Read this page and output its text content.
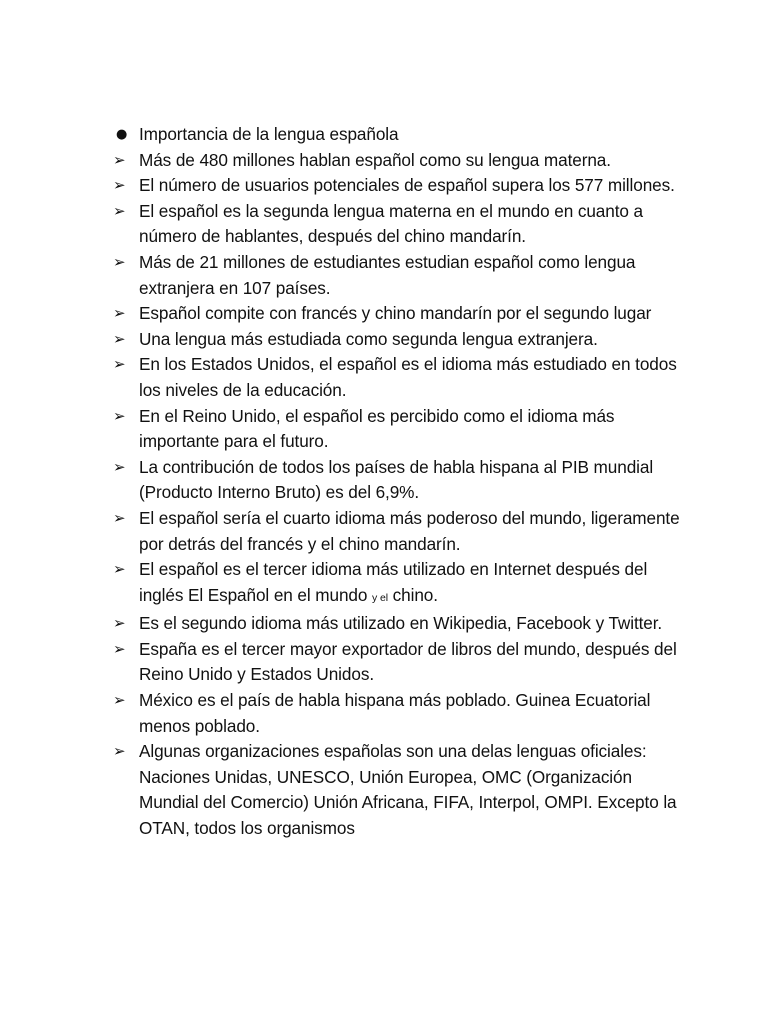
● Importancia de la lengua española
➢ Más de 480 millones hablan español como su lengua materna.
➢ El número de usuarios potenciales de español supera los 577 millones.
➢ El español es la segunda lengua materna en el mundo en cuanto a número de hablantes, después del chino mandarín.
➢ Más de 21 millones de estudiantes estudian español como lengua extranjera en 107 países.
➢ Español compite con francés y chino mandarín por el segundo lugar
➢ Una lengua más estudiada como segunda lengua extranjera.
➢ En los Estados Unidos, el español es el idioma más estudiado en todos los niveles de la educación.
➢ En el Reino Unido, el español es percibido como el idioma más importante para el futuro.
➢ La contribución de todos los países de habla hispana al PIB mundial (Producto Interno Bruto) es del 6,9%.
➢ El español sería el cuarto idioma más poderoso del mundo, ligeramente por detrás del francés y el chino mandarín.
➢ El español es el tercer idioma más utilizado en Internet después del inglés El Español en el mundo y el chino.
➢ Es el segundo idioma más utilizado en Wikipedia, Facebook y Twitter.
➢ España es el tercer mayor exportador de libros del mundo, después del Reino Unido y Estados Unidos.
➢ México es el país de habla hispana más poblado. Guinea Ecuatorial menos poblado.
➢ Algunas organizaciones españolas son una delas lenguas oficiales: Naciones Unidas, UNESCO, Unión Europea, OMC (Organización Mundial del Comercio) Unión Africana, FIFA, Interpol, OMPI. Excepto la OTAN, todos los organismos
